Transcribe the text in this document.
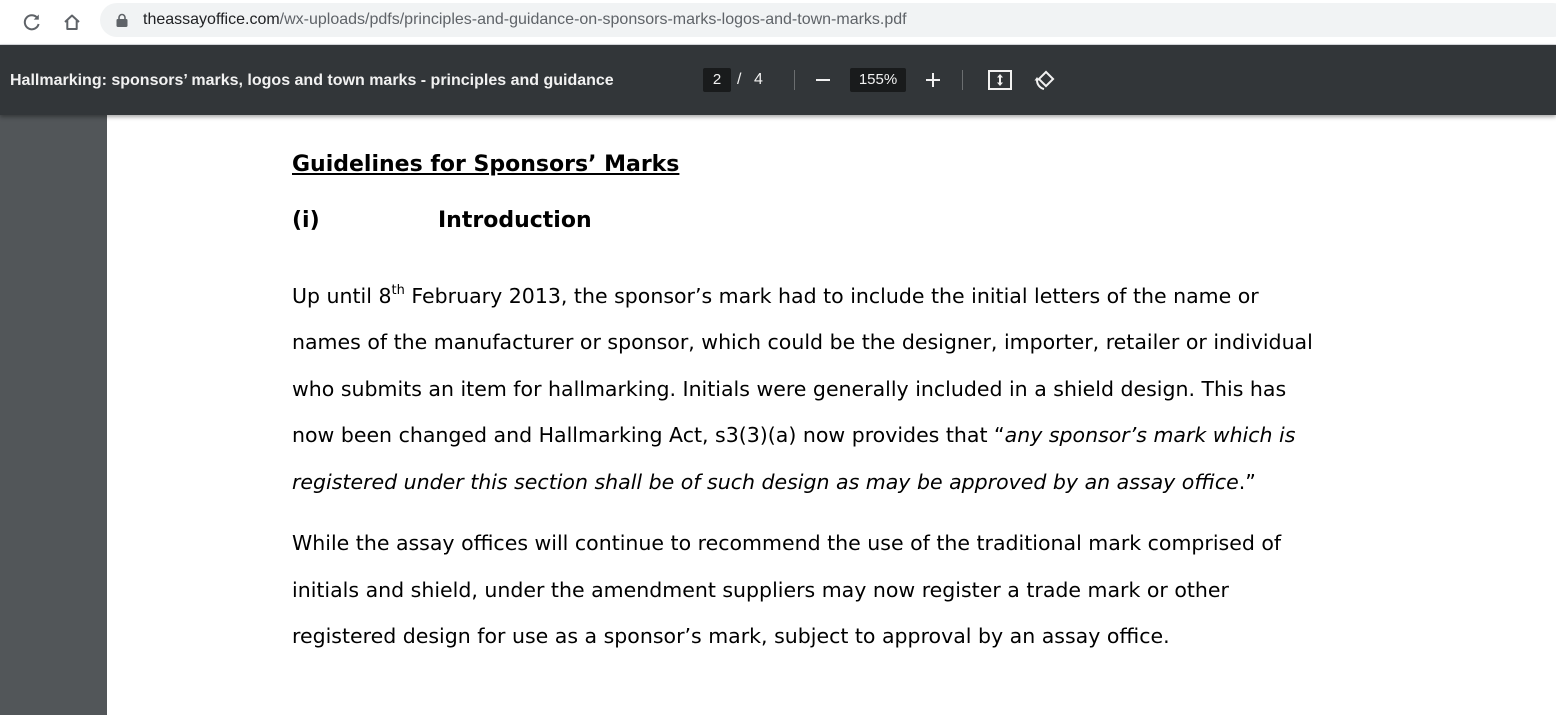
theassayoffice.com/wx-uploads/pdfs/principles-and-guidance-on-sponsors-marks-logos-and-town-marks.pdf
Hallmarking: sponsors’ marks, logos and town marks - principles and guidance	2 / 4	155%
Guidelines for Sponsors’ Marks
(i)	Introduction
Up until 8th February 2013, the sponsor’s mark had to include the initial letters of the name or
names of the manufacturer or sponsor, which could be the designer, importer, retailer or individual
who submits an item for hallmarking. Initials were generally included in a shield design. This has
now been changed and Hallmarking Act, s3(3)(a) now provides that “any sponsor’s mark which is
registered under this section shall be of such design as may be approved by an assay office.”
While the assay offices will continue to recommend the use of the traditional mark comprised of
initials and shield, under the amendment suppliers may now register a trade mark or other
registered design for use as a sponsor’s mark, subject to approval by an assay office.
